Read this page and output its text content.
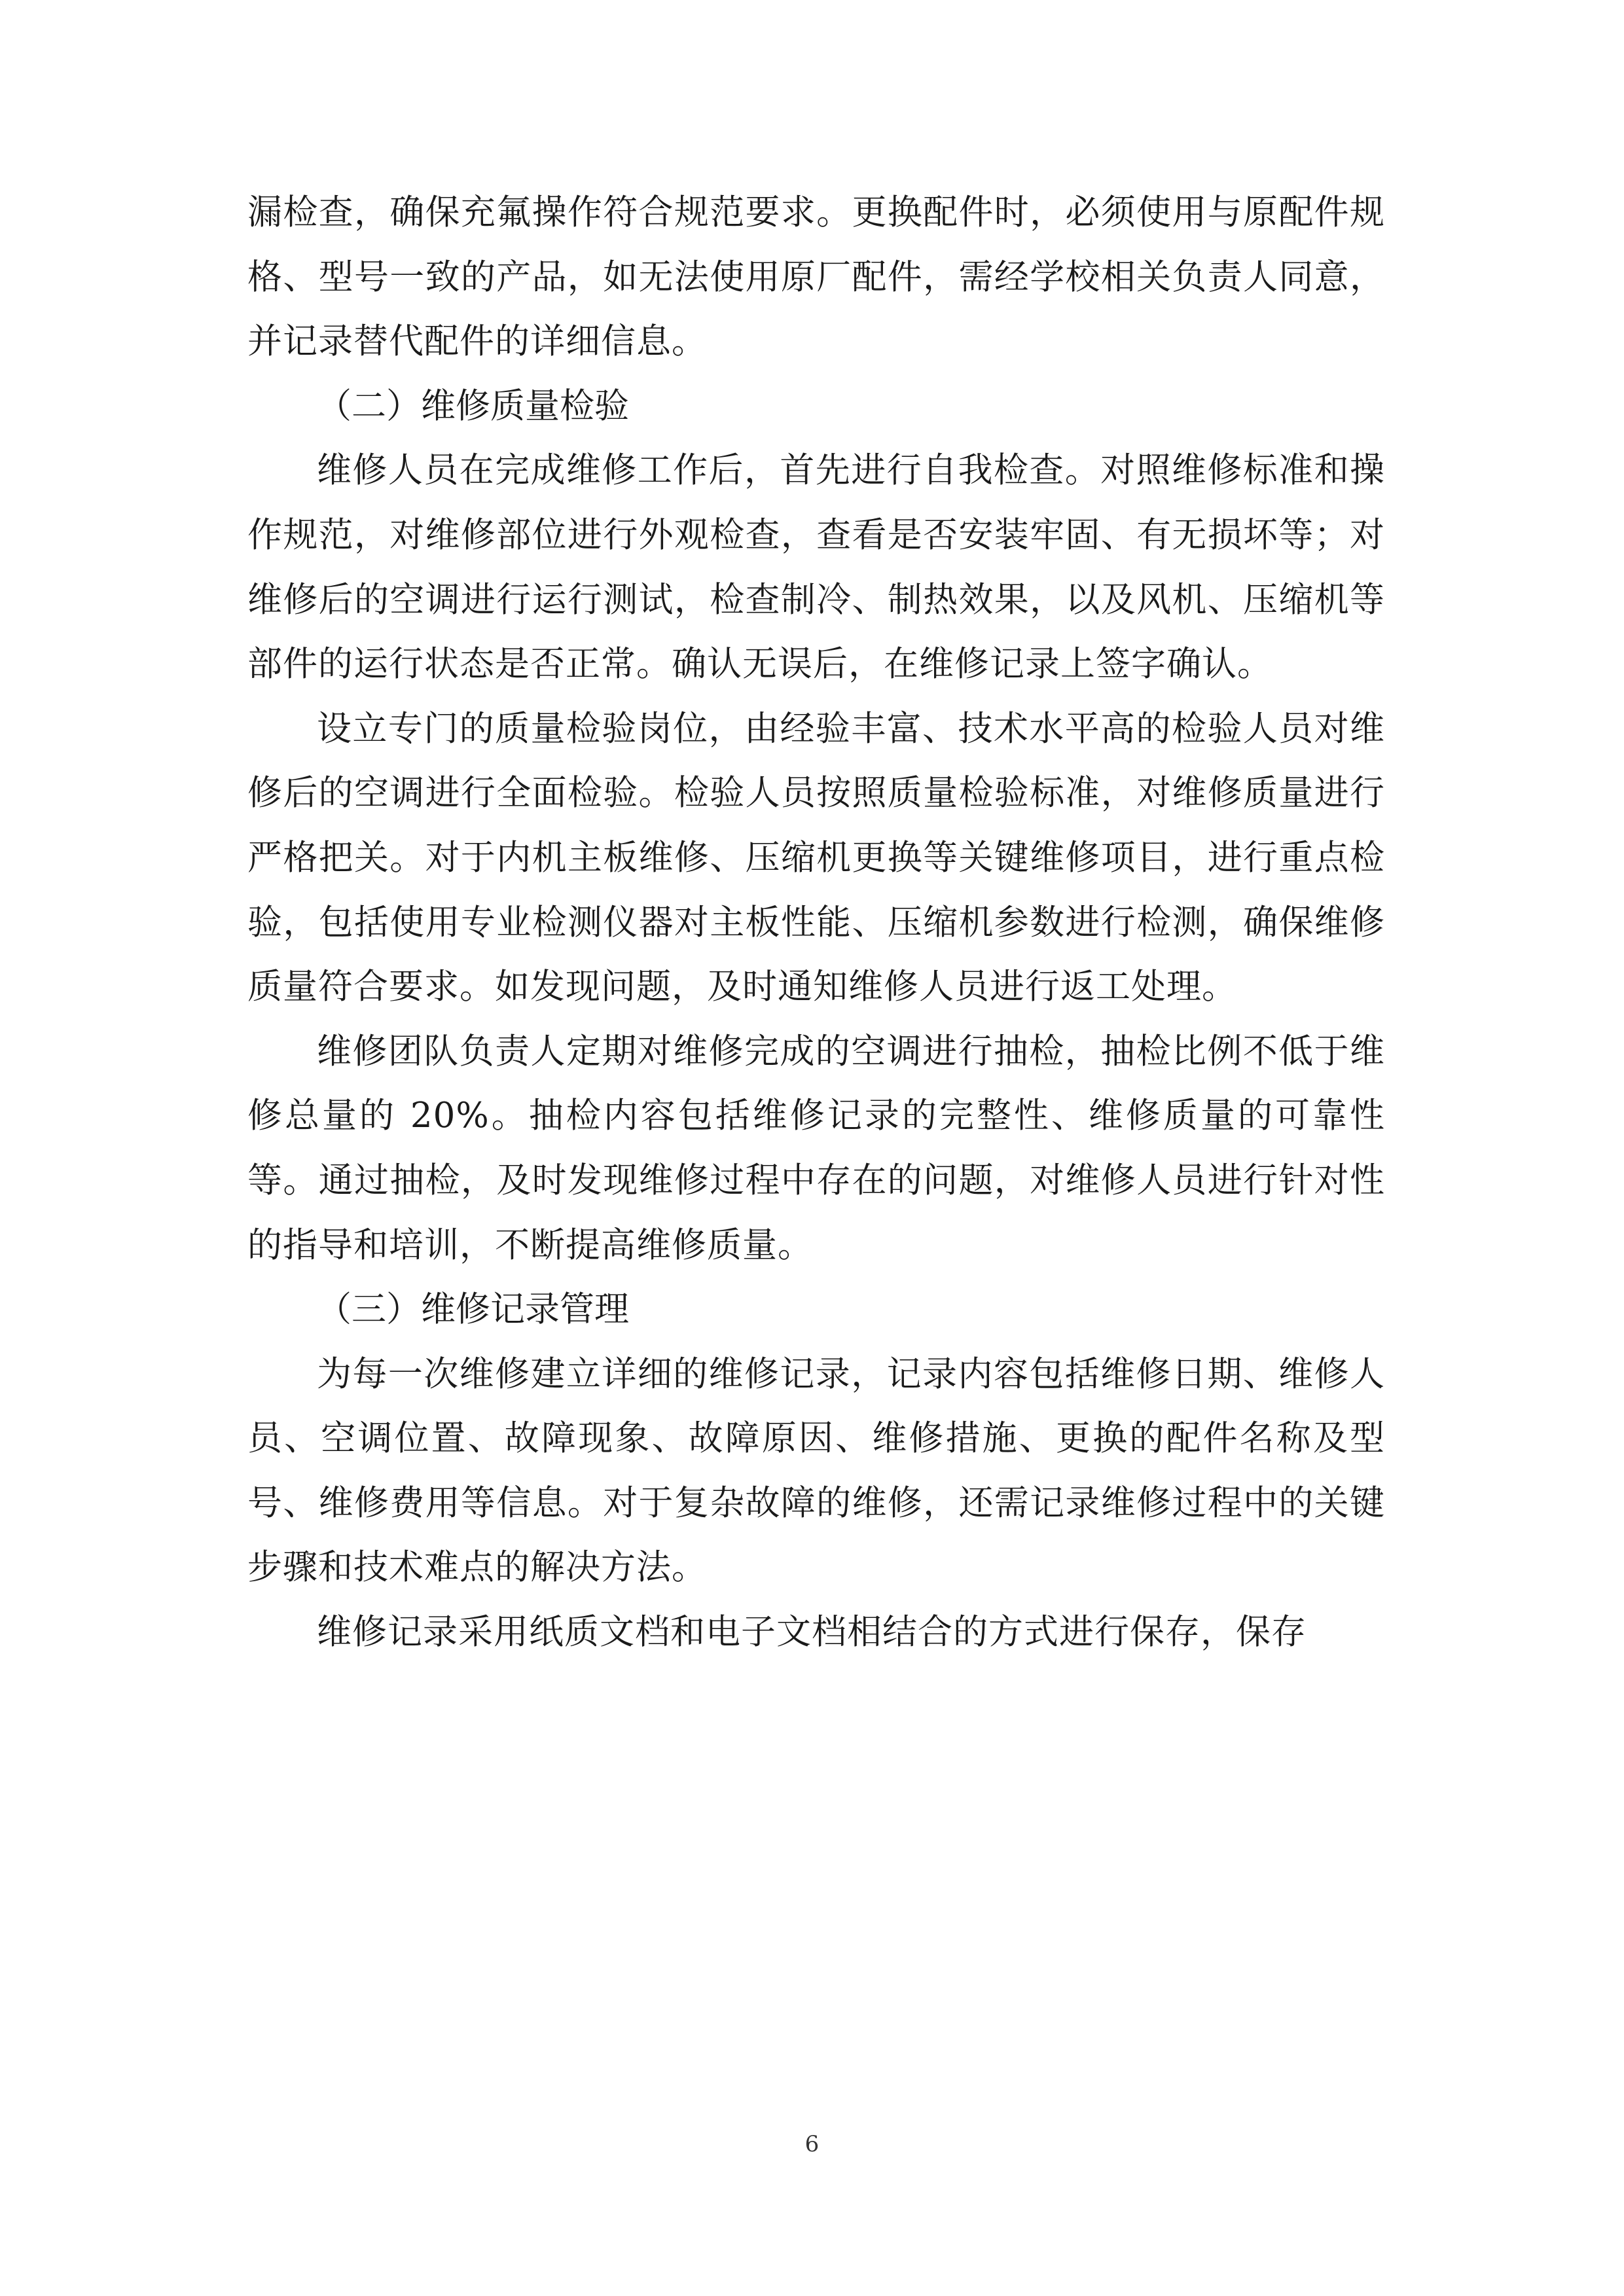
漏检查，确保充氟操作符合规范要求。更换配件时，必须使用与原配件规格、型号一致的产品，如无法使用原厂配件，需经学校相关负责人同意，并记录替代配件的详细信息。

（二）维修质量检验

维修人员在完成维修工作后，首先进行自我检查。对照维修标准和操作规范，对维修部位进行外观检查，查看是否安装牢固、有无损坏等；对维修后的空调进行运行测试，检查制冷、制热效果，以及风机、压缩机等部件的运行状态是否正常。确认无误后，在维修记录上签字确认。

设立专门的质量检验岗位，由经验丰富、技术水平高的检验人员对维修后的空调进行全面检验。检验人员按照质量检验标准，对维修质量进行严格把关。对于内机主板维修、压缩机更换等关键维修项目，进行重点检验，包括使用专业检测仪器对主板性能、压缩机参数进行检测，确保维修质量符合要求。如发现问题，及时通知维修人员进行返工处理。

维修团队负责人定期对维修完成的空调进行抽检，抽检比例不低于维修总量的 20%。抽检内容包括维修记录的完整性、维修质量的可靠性等。通过抽检，及时发现维修过程中存在的问题，对维修人员进行针对性的指导和培训，不断提高维修质量。

（三）维修记录管理

为每一次维修建立详细的维修记录，记录内容包括维修日期、维修人员、空调位置、故障现象、故障原因、维修措施、更换的配件名称及型号、维修费用等信息。对于复杂故障的维修，还需记录维修过程中的关键步骤和技术难点的解决方法。

维修记录采用纸质文档和电子文档相结合的方式进行保存，保存

6
